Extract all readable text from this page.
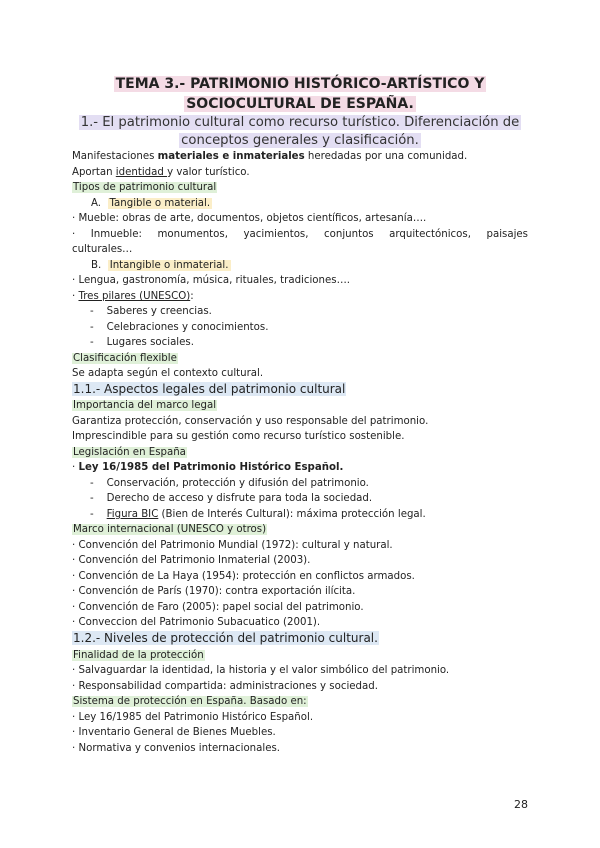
TEMA 3.- PATRIMONIO HISTÓRICO-ARTÍSTICO Y
SOCIOCULTURAL DE ESPAÑA.
1.- El patrimonio cultural como recurso turístico. Diferenciación de
conceptos generales y clasificación.
Manifestaciones materiales e inmateriales heredadas por una comunidad.
Aportan identidad y valor turístico.
Tipos de patrimonio cultural
A. Tangible o material.
· Mueble: obras de arte, documentos, objetos científicos, artesanía….
· Inmueble: monumentos, yacimientos, conjuntos arquitectónicos, paisajes
culturales…
B. Intangible o inmaterial.
· Lengua, gastronomía, música, rituales, tradiciones….
· Tres pilares (UNESCO):
- Saberes y creencias.
- Celebraciones y conocimientos.
- Lugares sociales.
Clasificación flexible
Se adapta según el contexto cultural.
1.1.- Aspectos legales del patrimonio cultural
Importancia del marco legal
Garantiza protección, conservación y uso responsable del patrimonio.
Imprescindible para su gestión como recurso turístico sostenible.
Legislación en España
· Ley 16/1985 del Patrimonio Histórico Español.
- Conservación, protección y difusión del patrimonio.
- Derecho de acceso y disfrute para toda la sociedad.
- Figura BIC (Bien de Interés Cultural): máxima protección legal.
Marco internacional (UNESCO y otros)
· Convención del Patrimonio Mundial (1972): cultural y natural.
· Convención del Patrimonio Inmaterial (2003).
· Convención de La Haya (1954): protección en conflictos armados.
· Convención de París (1970): contra exportación ilícita.
· Convención de Faro (2005): papel social del patrimonio.
· Conveccion del Patrimonio Subacuatico (2001).
1.2.- Niveles de protección del patrimonio cultural.
Finalidad de la protección
· Salvaguardar la identidad, la historia y el valor simbólico del patrimonio.
· Responsabilidad compartida: administraciones y sociedad.
Sistema de protección en España. Basado en:
· Ley 16/1985 del Patrimonio Histórico Español.
· Inventario General de Bienes Muebles.
· Normativa y convenios internacionales.
28
